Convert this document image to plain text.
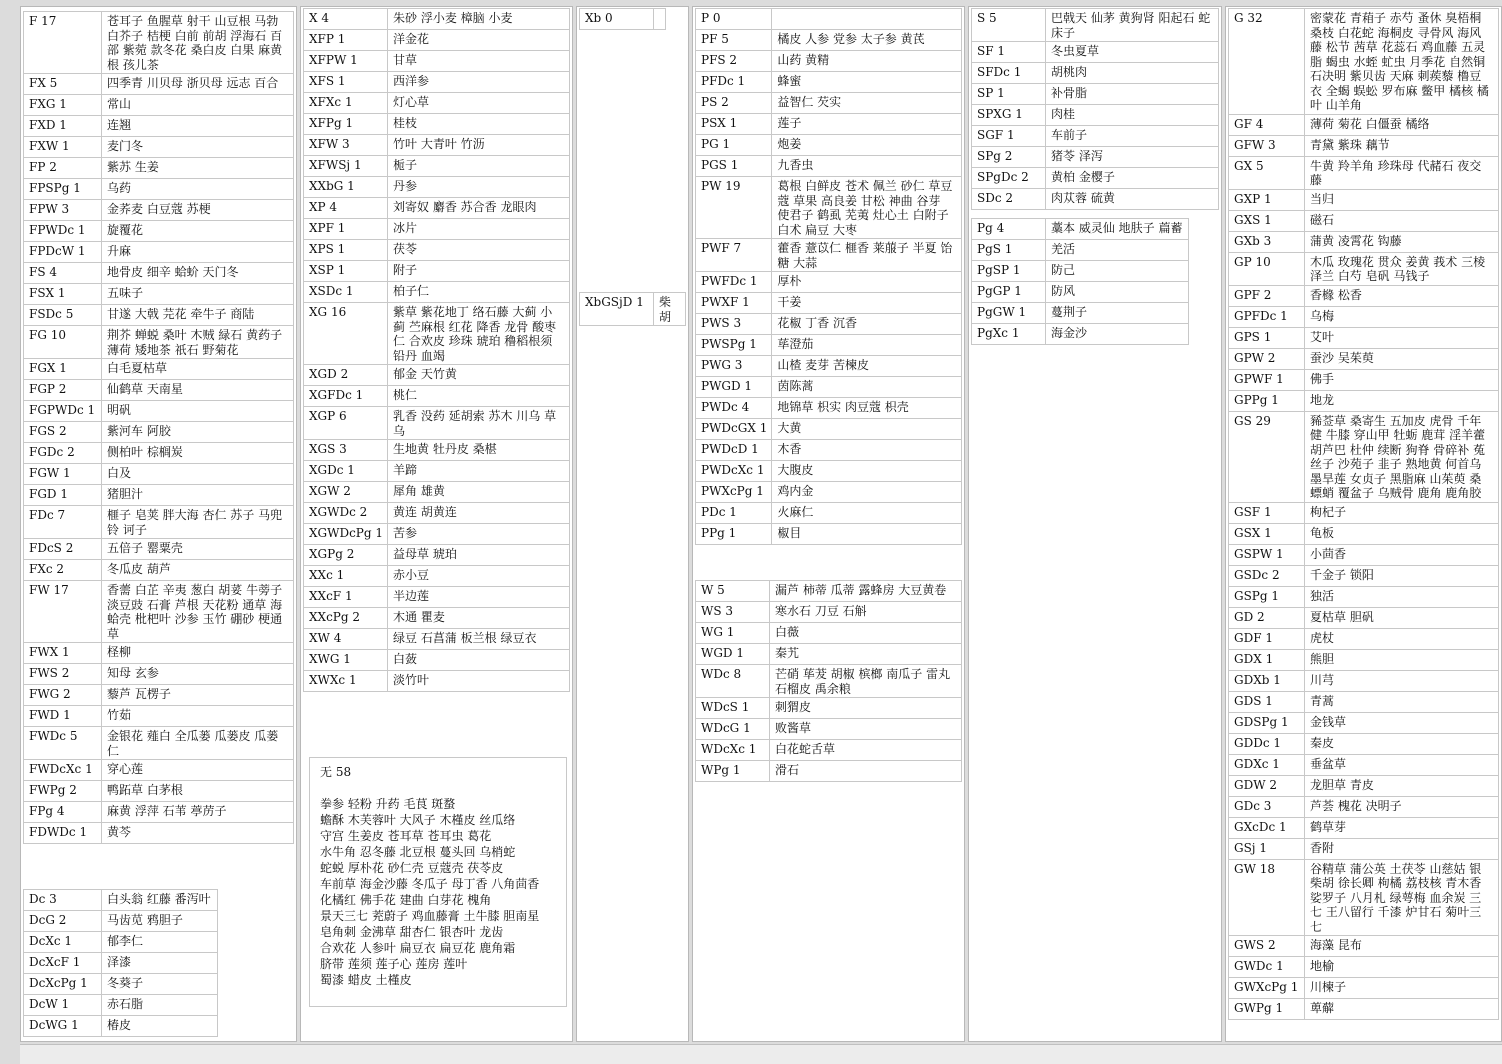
F 17	苍耳子 鱼腥草 射干 山豆根 马勃 白芥子 桔梗 白前 前胡 浮海石 百部 紫菀 款冬花 桑白皮 白果 麻黄根 孩儿茶
FX 5	四季青 川贝母 浙贝母 远志 百合
FXG 1	常山
FXD 1	连翘
FXW 1	麦门冬
FP 2	紫苏 生姜
FPSPg 1	乌药
FPW 3	金荞麦 白豆蔻 苏梗
FPWDc 1	旋覆花
FPDcW 1	升麻
FS 4	地骨皮 细辛 蛤蚧 天门冬
FSX 1	五味子
FSDc 5	甘遂 大戟 芫花 牵牛子 商陆
FG 10	荆芥 蝉蜕 桑叶 木贼 緑石 黄药子 薄荷 矮地茶 祇石 野菊花
FGX 1	白毛夏枯草
FGP 2	仙鹤草 天南星
FGPWDc 1	明矾
FGS 2	紫河车 阿胶
FGDc 2	侧柏叶 棕榈炭
FGW 1	白及
FGD 1	猪胆汁
FDc 7	榧子 皂荚 胖大海 杏仁 苏子 马兜铃 诃子
FDcS 2	五倍子 罂粟壳
FXc 2	冬瓜皮 葫芦
FW 17	香薷 白芷 辛夷 葱白 胡荽 牛蒡子 淡豆豉 石膏 芦根 天花粉 通草 海蛤壳 枇杷叶 沙参 玉竹 硼砂 梗通草
FWX 1	柽柳
FWS 2	知母 玄参
FWG 2	藜芦 瓦楞子
FWD 1	竹茹
FWDc 5	金银花 薤白 全瓜蒌 瓜蒌皮 瓜蒌仁
FWDcXc 1	穿心莲
FWPg 2	鸭跖草 白茅根
FPg 4	麻黄 浮萍 石苇 葶苈子
FDWDc 1	黄芩
Dc 3	白头翁 红藤 番泻叶
DcG 2	马齿苋 鸦胆子
DcXc 1	郁李仁
DcXcF 1	泽漆
DcXcPg 1	冬葵子
DcW 1	赤石脂
DcWG 1	椿皮
X 4	朱砂 浮小麦 樟脑 小麦
XFP 1	洋金花
XFPW 1	甘草
XFS 1	西洋参
XFXc 1	灯心草
XFPg 1	桂枝
XFW 3	竹叶 大青叶 竹沥
XFWSj 1	栀子
XXbG 1	丹参
XP 4	刘寄奴 麝香 苏合香 龙眼肉
XPF 1	冰片
XPS 1	茯苓
XSP 1	附子
XSDc 1	柏子仁
XG 16	紫草 紫花地丁 络石藤 大蓟 小蓟 苎麻根 红花 降香 龙骨 酸枣仁 合欢皮 珍珠 琥珀 穞稻根须 铅丹 血竭
XGD 2	郁金 天竹黄
XGFDc 1	桃仁
XGP 6	乳香 没药 延胡索 苏木 川乌 草乌
XGS 3	生地黄 牡丹皮 桑椹
XGDc 1	羊蹄
XGW 2	犀角 雄黄
XGWDc 2	黄连 胡黄连
XGWDcPg 1	苦参
XGPg 2	益母草 琥珀
XXc 1	赤小豆
XXcF 1	半边莲
XXcPg 2	木通 瞿麦
XW 4	绿豆 石菖蒲 板兰根 绿豆衣
XWG 1	白蔹
XWXc 1	淡竹叶
无 58
拳参 轻粉 升药 毛茛 斑蝥
蟾酥 木芙蓉叶 大风子 木槿皮 丝瓜络
守宫 生姜皮 苍耳草 苍耳虫 葛花
水牛角 忍冬藤 北豆根 蔓头回 乌梢蛇
蛇蜕 厚朴花 砂仁壳 豆蔻壳 茯苓皮
车前草 海金沙藤 冬瓜子 母丁香 八角茴香
化橘红 佛手花 建曲 白芽花 槐角
景天三七 茺蔚子 鸡血藤膏 土牛膝 胆南星
皂角刺 金沸草 甜杏仁 银杏叶 龙齿
合欢花 人参叶 扁豆衣 扁豆花 鹿角霜
脐带 莲须 莲子心 莲房 莲叶
蜀漆 蜡皮 土槿皮
Xb 0	
XbGSjD 1	柴胡
P 0	
PF 5	橘皮 人参 党参 太子参 黄芪
PFS 2	山药 黄精
PFDc 1	蜂蜜
PS 2	益智仁 芡实
PSX 1	莲子
PG 1	炮姜
PGS 1	九香虫
PW 19	葛根 白鲜皮 苍术 佩兰 砂仁 草豆蔻 草果 高良姜 甘松 神曲 谷芽 使君子 鹤虱 芜荑 灶心土 白附子 白术 扁豆 大枣
PWF 7	藿香 薏苡仁 榧香 莱菔子 半夏 饴糖 大蒜
PWFDc 1	厚朴
PWXF 1	干姜
PWS 3	花椒 丁香 沉香
PWSPg 1	荜澄茄
PWG 3	山楂 麦芽 苦楝皮
PWGD 1	茵陈蒿
PWDc 4	地锦草 枳实 肉豆蔻 枳壳
PWDcGX 1	大黄
PWDcD 1	木香
PWDcXc 1	大腹皮
PWXcPg 1	鸡内金
PDc 1	火麻仁
PPg 1	椒目
W 5	漏芦 柿蒂 瓜蒂 露蜂房 大豆黄卷
WS 3	寒水石 刀豆 石斛
WG 1	白薇
WGD 1	秦艽
WDc 8	芒硝 荜茇 胡椒 槟榔 南瓜子 雷丸 石榴皮 禹余粮
WDcS 1	刺猬皮
WDcG 1	败酱草
WDcXc 1	白花蛇舌草
WPg 1	滑石
S 5	巴戟天 仙茅 黄狗肾 阳起石 蛇床子
SF 1	冬虫夏草
SFDc 1	胡桃肉
SP 1	补骨脂
SPXG 1	肉桂
SGF 1	车前子
SPg 2	猪苓 泽泻
SPgDc 2	黄柏 金樱子
SDc 2	肉苁蓉 硫黄
Pg 4	藁本 威灵仙 地肤子 萹蓄
PgS 1	羌活
PgSP 1	防己
PgGP 1	防风
PgGW 1	蔓荆子
PgXc 1	海金沙
G 32	密蒙花 青葙子 赤芍 蚤休 臭梧桐 桑枝 白花蛇 海桐皮 寻骨风 海风藤 松节 茜草 花蕊石 鸡血藤 五灵脂 蝎虫 水蛭 虻虫 月季花 自然铜 石决明 紫贝齿 天麻 刺蒺藜 橹豆衣 全蝎 蜈蚣 罗布麻 鳖甲 橘核 橘叶 山羊角
GF 4	薄荷 菊花 白僵蚕 橘络
GFW 3	青黛 紫珠 藕节
GX 5	牛黄 羚羊角 珍珠母 代赭石 夜交藤
GXP 1	当归
GXS 1	磁石
GXb 3	蒲黄 凌霄花 钩藤
GP 10	木瓜 玫瑰花 贯众 姜黄 莪术 三棱 泽兰 白芍 皂矾 马钱子
GPF 2	香橼 松香
GPFDc 1	乌梅
GPS 1	艾叶
GPW 2	蚕沙 吴茱萸
GPWF 1	佛手
GPPg 1	地龙
GS 29	豨莶草 桑寄生 五加皮 虎骨 千年健 牛膝 穿山甲 牡蛎 鹿茸 淫羊藿 胡芦巴 杜仲 续断 狗脊 骨碎补 菟丝子 沙苑子 韭子 熟地黄 何首乌 墨旱莲 女贞子 黑脂麻 山茱萸 桑螵蛸 覆盆子 乌贼骨 鹿角 鹿角胶
GSF 1	枸杞子
GSX 1	龟板
GSPW 1	小茴香
GSDc 2	千金子 锁阳
GSPg 1	独活
GD 2	夏枯草 胆矾
GDF 1	虎杖
GDX 1	熊胆
GDXb 1	川芎
GDS 1	青蒿
GDSPg 1	金钱草
GDDc 1	秦皮
GDXc 1	垂盆草
GDW 2	龙胆草 青皮
GDc 3	芦荟 槐花 决明子
GXcDc 1	鹤草芽
GSj 1	香附
GW 18	谷精草 蒲公英 土茯苓 山慈姑 银柴胡 徐长卿 枸橘 荔枝核 青木香 娑罗子 八月札 绿萼梅 血余炭 三七 王八留行 千漆 炉甘石 菊叶三七
GWS 2	海藻 昆布
GWDc 1	地榆
GWXcPg 1	川楝子
GWPg 1	萆薢
